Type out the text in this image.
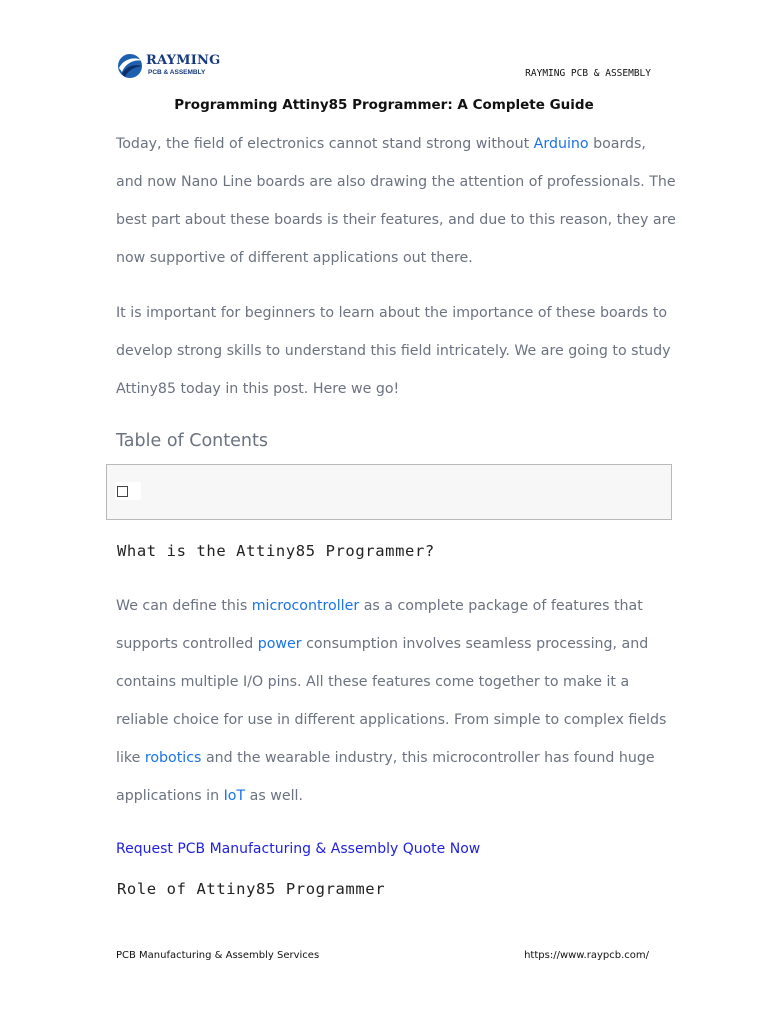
RAYMING
PCB & ASSEMBLY	RAYMING PCB & ASSEMBLY
Programming Attiny85 Programmer: A Complete Guide

Today, the field of electronics cannot stand strong without Arduino boards, and now Nano Line boards are also drawing the attention of professionals. The best part about these boards is their features, and due to this reason, they are now supportive of different applications out there.

It is important for beginners to learn about the importance of these boards to develop strong skills to understand this field intricately. We are going to study Attiny85 today in this post. Here we go!

Table of Contents
What is the Attiny85 Programmer?

We can define this microcontroller as a complete package of features that supports controlled power consumption involves seamless processing, and contains multiple I/O pins. All these features come together to make it a reliable choice for use in different applications. From simple to complex fields like robotics and the wearable industry, this microcontroller has found huge applications in IoT as well.

Request PCB Manufacturing & Assembly Quote Now
Role of Attiny85 Programmer
PCB Manufacturing & Assembly Services	https://www.raypcb.com/
